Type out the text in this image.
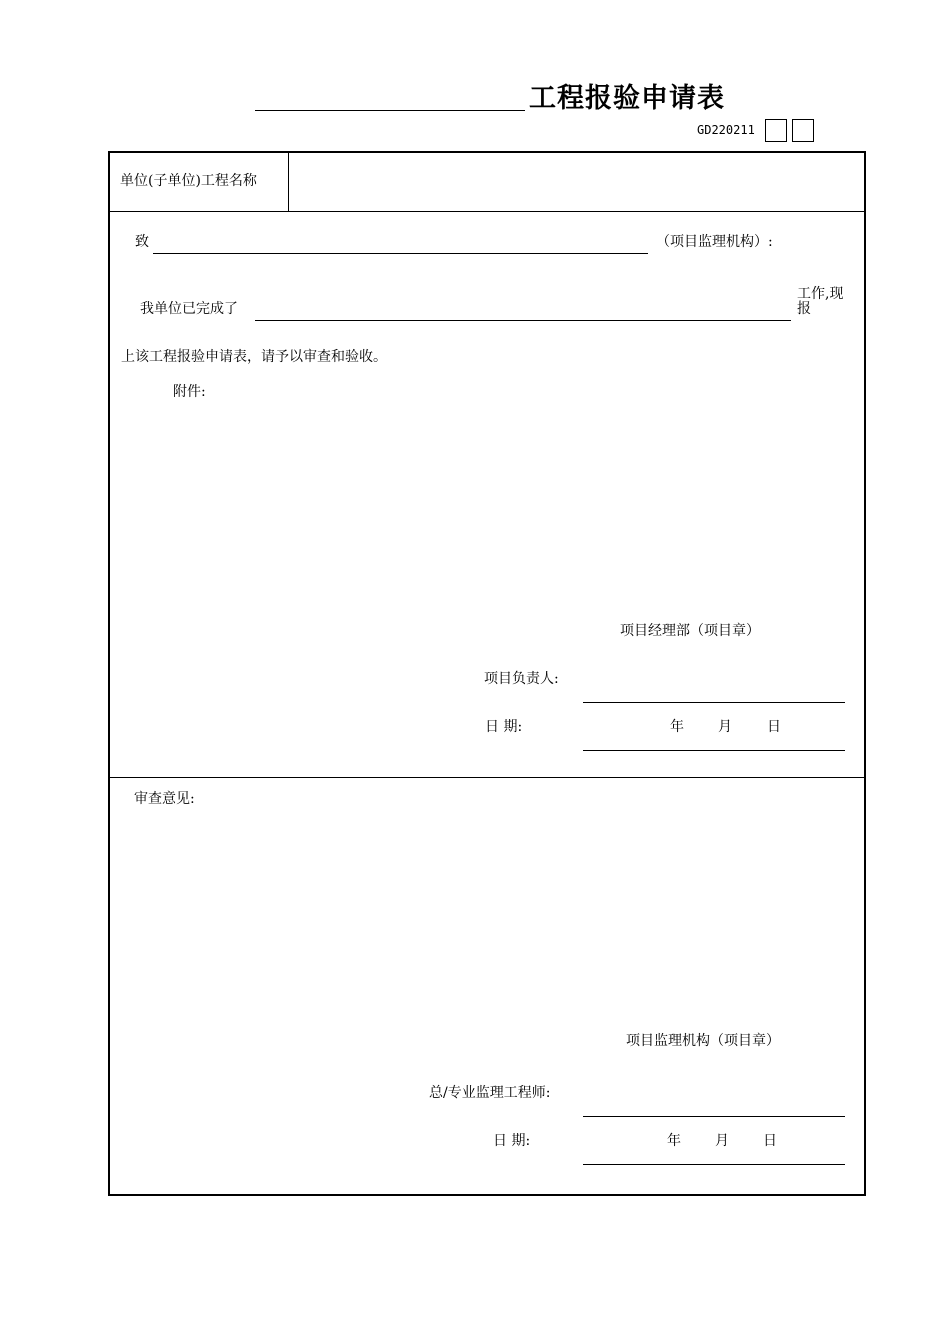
工程报验申请表
GD220211
单位(子单位)工程名称
致	（项目监理机构）:
我单位已完成了
工作,现
报
上该工程报验申请表，请予以审查和验收。
附件:
项目经理部（项目章）
项目负责人:
日 期:	年 月	日
审查意见:
项目监理机构（项目章）
总/专业监理工程师:
日 期:	年 月 日
